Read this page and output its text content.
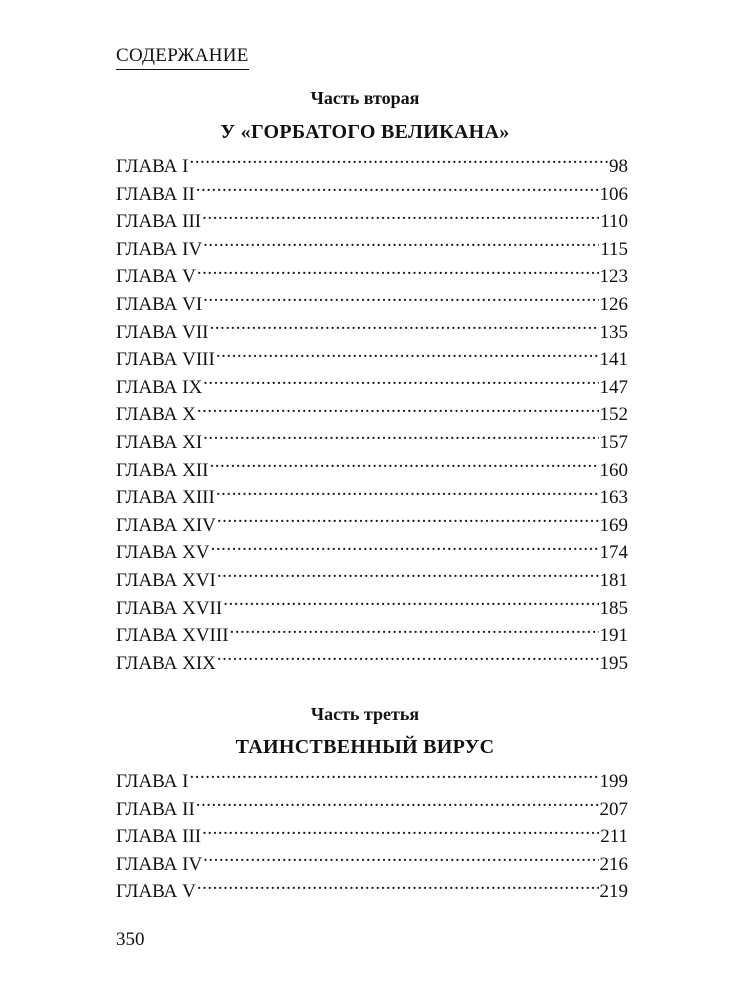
СОДЕРЖАНИЕ
Часть вторая
У «ГОРБАТОГО ВЕЛИКАНА»
ГЛАВА I .....	98
ГЛАВА II .....	106
ГЛАВА III .....	110
ГЛАВА IV .....	115
ГЛАВА V .....	123
ГЛАВА VI .....	126
ГЛАВА VII .....	135
ГЛАВА VIII .....	141
ГЛАВА IX .....	147
ГЛАВА X .....	152
ГЛАВА XI .....	157
ГЛАВА XII .....	160
ГЛАВА XIII .....	163
ГЛАВА XIV .....	169
ГЛАВА XV .....	174
ГЛАВА XVI .....	181
ГЛАВА XVII .....	185
ГЛАВА XVIII .....	191
ГЛАВА XIX .....	195
Часть третья
ТАИНСТВЕННЫЙ ВИРУС
ГЛАВА I .....	199
ГЛАВА II .....	207
ГЛАВА III .....	211
ГЛАВА IV .....	216
ГЛАВА V .....	219
350
